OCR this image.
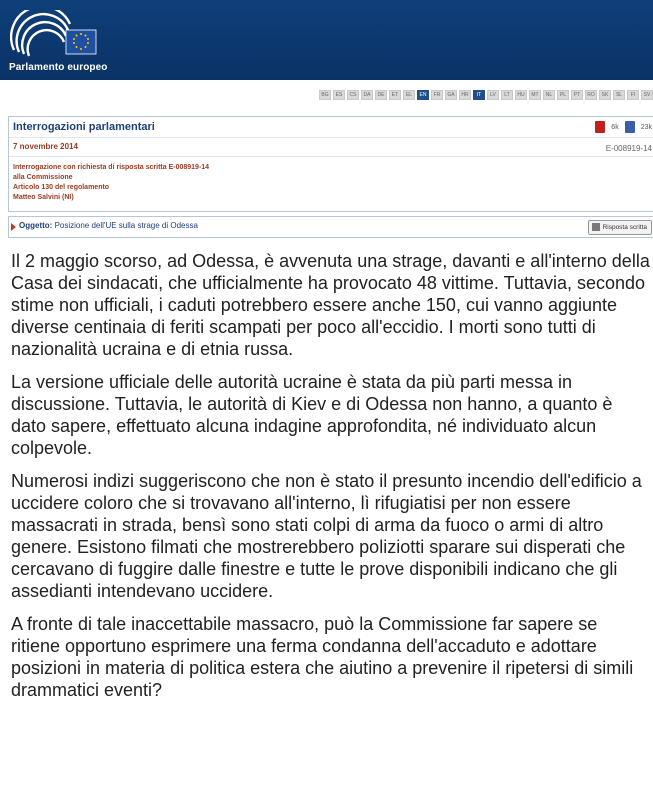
Parlamento europeo
BG	ES	CS	DA	DE	ET	EL	EN	FR	GA	HR	IT	LV	LT	HU	MT	NL	PL	PT	RO	SK	SL	FI	SV
Interrogazioni parlamentari	6k	23k
7 novembre 2014	E-008919-14
Interrogazione con richiesta di risposta scritta E-008919-14
alla Commissione
Articolo 130 del regolamento
Matteo Salvini (NI)
Oggetto: Posizione dell'UE sulla strage di Odessa	Risposta scritta

Il 2 maggio scorso, ad Odessa, è avvenuta una strage, davanti e all'interno della Casa dei sindacati, che ufficialmente ha provocato 48 vittime. Tuttavia, secondo stime non ufficiali, i caduti potrebbero essere anche 150, cui vanno aggiunte diverse centinaia di feriti scampati per poco all'eccidio. I morti sono tutti di nazionalità ucraina e di etnia russa.

La versione ufficiale delle autorità ucraine è stata da più parti messa in discussione. Tuttavia, le autorità di Kiev e di Odessa non hanno, a quanto è dato sapere, effettuato alcuna indagine approfondita, né individuato alcun colpevole.

Numerosi indizi suggeriscono che non è stato il presunto incendio dell'edificio a uccidere coloro che si trovavano all'interno, lì rifugiatisi per non essere massacrati in strada, bensì sono stati colpi di arma da fuoco o armi di altro genere. Esistono filmati che mostrerebbero poliziotti sparare sui disperati che cercavano di fuggire dalle finestre e tutte le prove disponibili indicano che gli assedianti intendevano uccidere.

A fronte di tale inaccettabile massacro, può la Commissione far sapere se ritiene opportuno esprimere una ferma condanna dell'accaduto e adottare posizioni in materia di politica estera che aiutino a prevenire il ripetersi di simili drammatici eventi?
